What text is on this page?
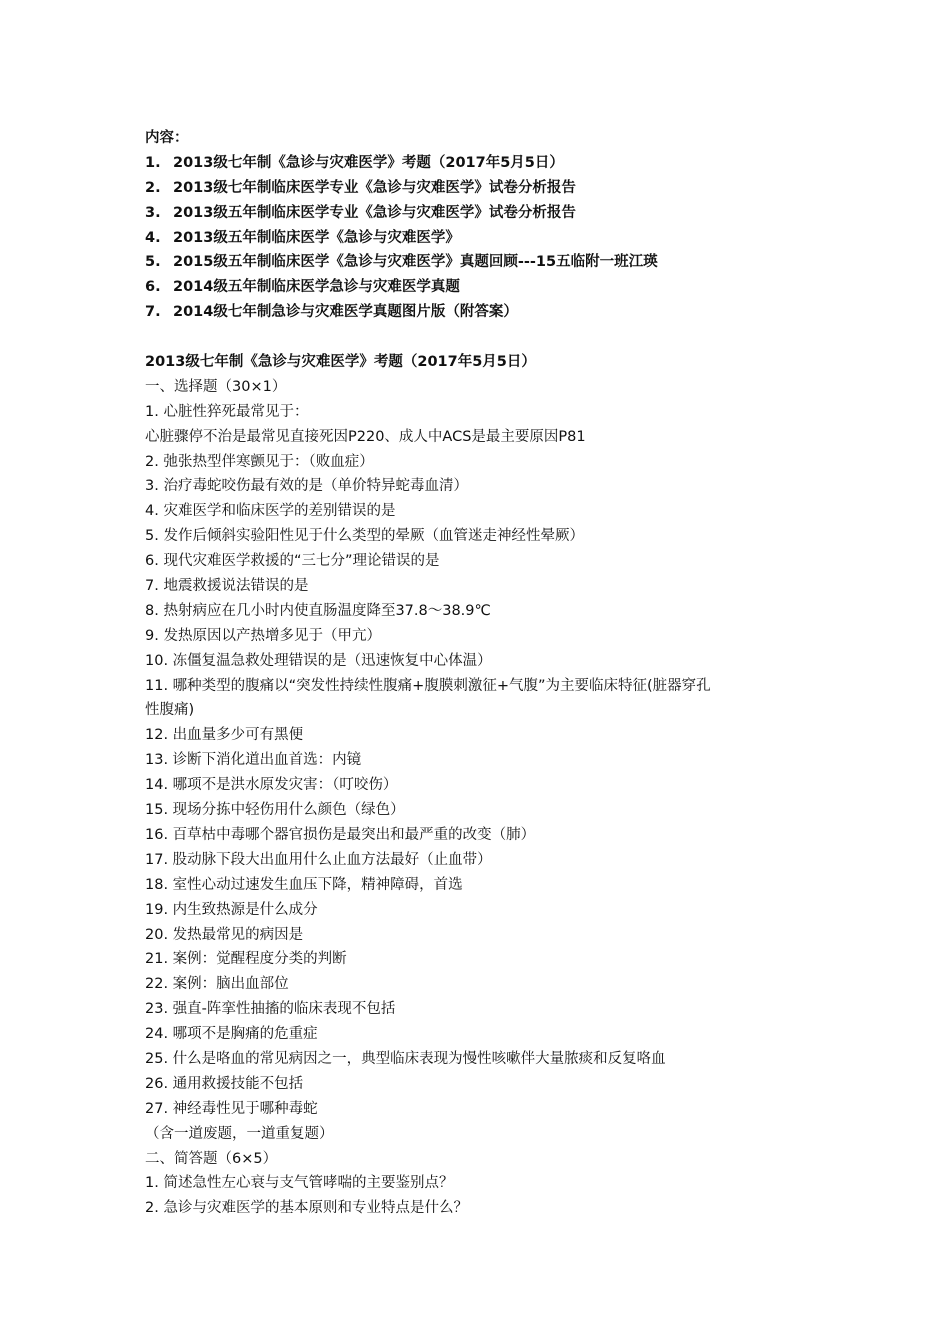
内容：
1. 2013级七年制《急诊与灾难医学》考题（2017年5月5日）
2. 2013级七年制临床医学专业《急诊与灾难医学》试卷分析报告
3. 2013级五年制临床医学专业《急诊与灾难医学》试卷分析报告
4. 2013级五年制临床医学《急诊与灾难医学》
5. 2015级五年制临床医学《急诊与灾难医学》真题回顾---15五临附一班江瑛
6. 2014级五年制临床医学急诊与灾难医学真题
7. 2014级七年制急诊与灾难医学真题图片版（附答案）
2013级七年制《急诊与灾难医学》考题（2017年5月5日）
一、选择题（30×1）
1. 心脏性猝死最常见于：
心脏骤停不治是最常见直接死因P220、成人中ACS是最主要原因P81
2. 弛张热型伴寒颤见于：（败血症）
3. 治疗毒蛇咬伤最有效的是（单价特异蛇毒血清）
4. 灾难医学和临床医学的差别错误的是
5. 发作后倾斜实验阳性见于什么类型的晕厥（血管迷走神经性晕厥）
6. 现代灾难医学救援的“三七分”理论错误的是
7. 地震救援说法错误的是
8. 热射病应在几小时内使直肠温度降至37.8～38.9℃
9. 发热原因以产热增多见于（甲亢）
10. 冻僵复温急救处理错误的是（迅速恢复中心体温）
11. 哪种类型的腹痛以“突发性持续性腹痛+腹膜刺激征+气腹”为主要临床特征(脏器穿孔
性腹痛)
12. 出血量多少可有黑便
13. 诊断下消化道出血首选：内镜
14. 哪项不是洪水原发灾害：（叮咬伤）
15. 现场分拣中轻伤用什么颜色（绿色）
16. 百草枯中毒哪个器官损伤是最突出和最严重的改变（肺）
17. 股动脉下段大出血用什么止血方法最好（止血带）
18. 室性心动过速发生血压下降，精神障碍，首选
19. 内生致热源是什么成分
20. 发热最常见的病因是
21. 案例：觉醒程度分类的判断
22. 案例：脑出血部位
23. 强直-阵挛性抽搐的临床表现不包括
24. 哪项不是胸痛的危重症
25. 什么是咯血的常见病因之一，典型临床表现为慢性咳嗽伴大量脓痰和反复咯血
26. 通用救援技能不包括
27. 神经毒性见于哪种毒蛇
（含一道废题，一道重复题）
二、简答题（6×5）
1. 简述急性左心衰与支气管哮喘的主要鉴别点？
2. 急诊与灾难医学的基本原则和专业特点是什么？
